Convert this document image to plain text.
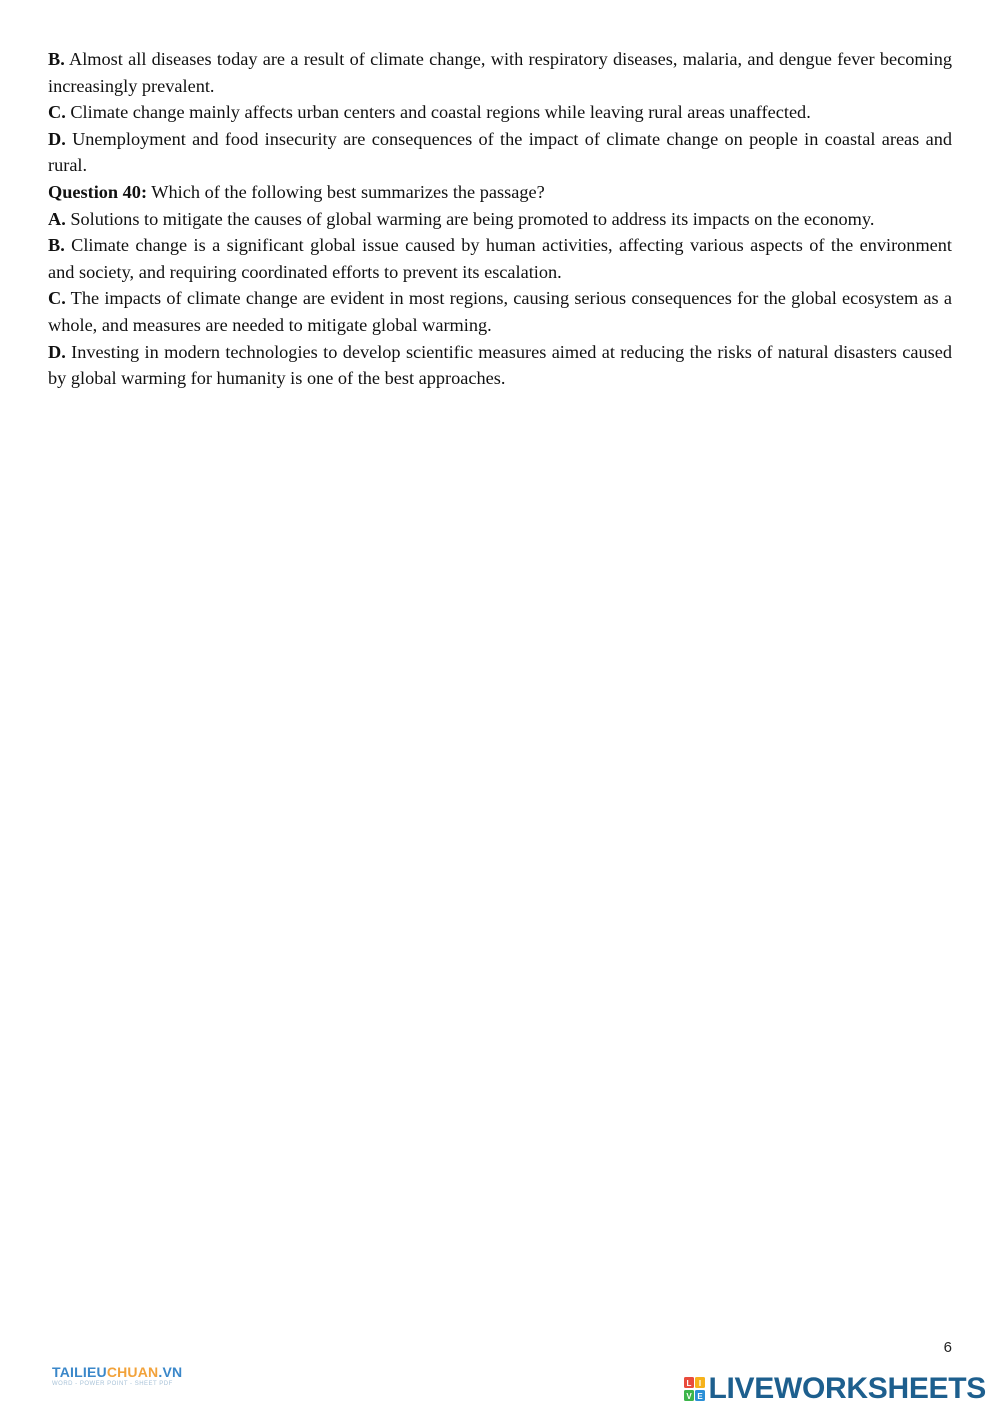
B. Almost all diseases today are a result of climate change, with respiratory diseases, malaria, and dengue fever becoming increasingly prevalent.

C. Climate change mainly affects urban centers and coastal regions while leaving rural areas unaffected.

D. Unemployment and food insecurity are consequences of the impact of climate change on people in coastal areas and rural.

Question 40: Which of the following best summarizes the passage?

A. Solutions to mitigate the causes of global warming are being promoted to address its impacts on the economy.

B. Climate change is a significant global issue caused by human activities, affecting various aspects of the environment and society, and requiring coordinated efforts to prevent its escalation.

C. The impacts of climate change are evident in most regions, causing serious consequences for the global ecosystem as a whole, and measures are needed to mitigate global warming.

D. Investing in modern technologies to develop scientific measures aimed at reducing the risks of natural disasters caused by global warming for humanity is one of the best approaches.

6
TAILIEUCHUAN.VN
WORD - POWER POINT - SHEET PDF	L I
V E LIVEWORKSHEETS
